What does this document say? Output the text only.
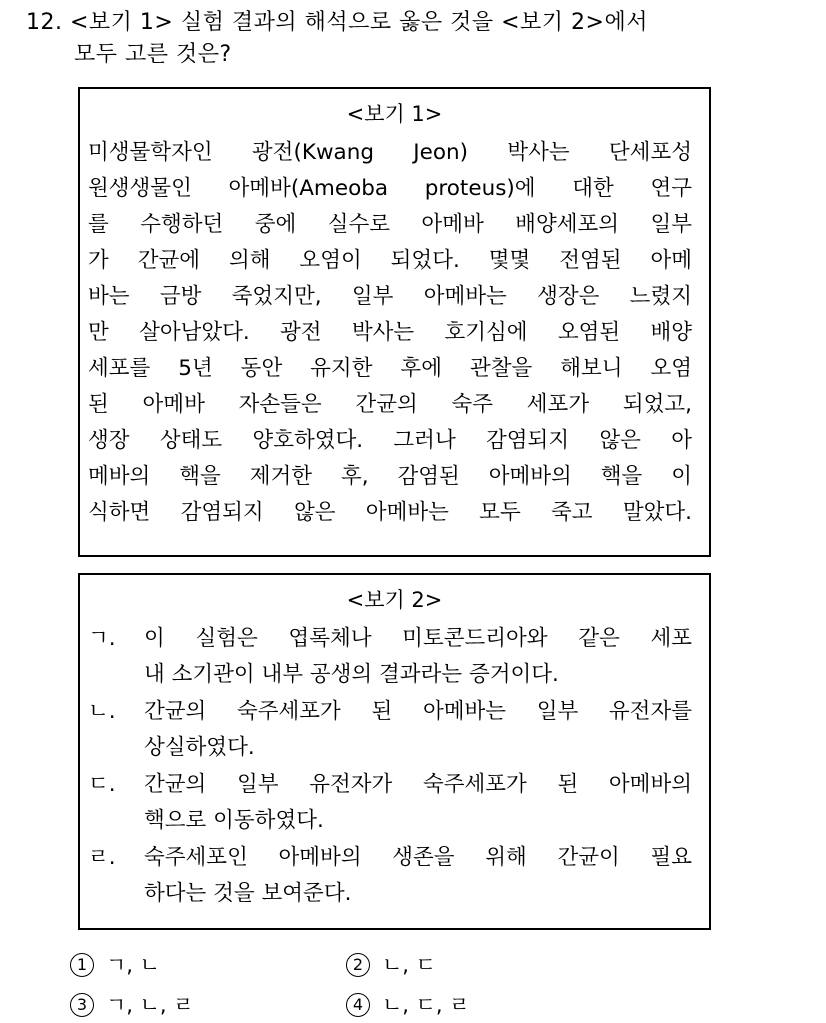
12. <보기 1> 실험 결과의 해석으로 옳은 것을 <보기 2>에서
모두 고른 것은?
<보기 1>
미생물학자인 광전(Kwang Jeon) 박사는 단세포성
원생생물인 아메바(Ameoba proteus)에 대한 연구
를 수행하던 중에 실수로 아메바 배양세포의 일부
가 간균에 의해 오염이 되었다. 몇몇 전염된 아메
바는 금방 죽었지만, 일부 아메바는 생장은 느렸지
만 살아남았다. 광전 박사는 호기심에 오염된 배양
세포를 5년 동안 유지한 후에 관찰을 해보니 오염
된 아메바 자손들은 간균의 숙주 세포가 되었고,
생장 상태도 양호하였다. 그러나 감염되지 않은 아
메바의 핵을 제거한 후, 감염된 아메바의 핵을 이
식하면 감염되지 않은 아메바는 모두 죽고 말았다.
<보기 2>
ㄱ. 이 실험은 엽록체나 미토콘드리아와 같은 세포
내 소기관이 내부 공생의 결과라는 증거이다.
ㄴ. 간균의 숙주세포가 된 아메바는 일부 유전자를
상실하였다.
ㄷ. 간균의 일부 유전자가 숙주세포가 된 아메바의
핵으로 이동하였다.
ㄹ. 숙주세포인 아메바의 생존을 위해 간균이 필요
하다는 것을 보여준다.
1 ㄱ, ㄴ	2 ㄴ, ㄷ
3 ㄱ, ㄴ, ㄹ	4 ㄴ, ㄷ, ㄹ
